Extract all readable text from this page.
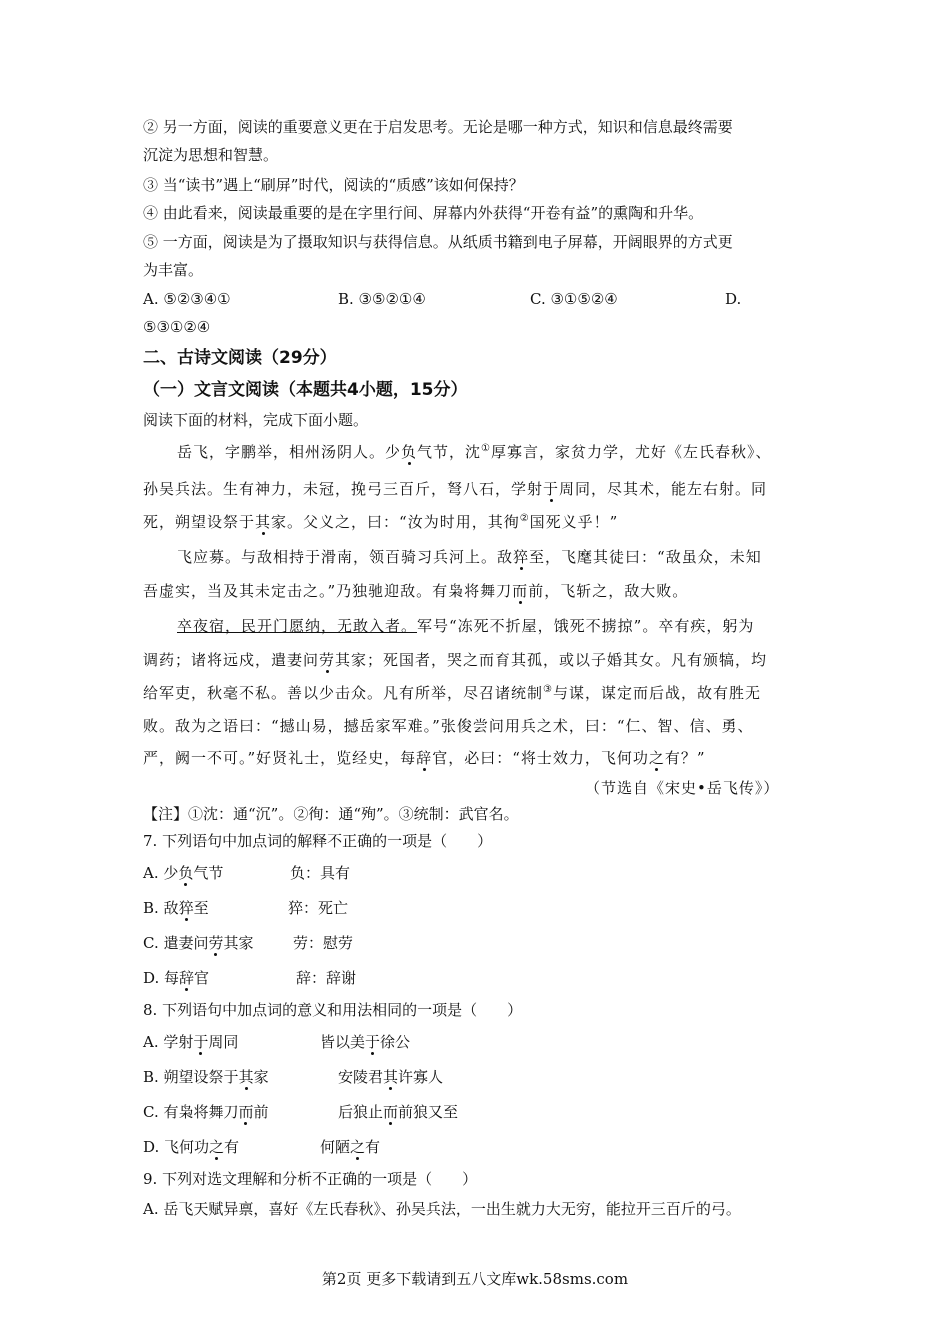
② 另一方面，阅读的重要意义更在于启发思考。无论是哪一种方式，知识和信息最终需要
沉淀为思想和智慧。
③ 当“读书”遇上“刷屏”时代，阅读的“质感”该如何保持？
④ 由此看来，阅读最重要的是在字里行间、屏幕内外获得“开卷有益”的熏陶和升华。
⑤ 一方面，阅读是为了摄取知识与获得信息。从纸质书籍到电子屏幕，开阔眼界的方式更
为丰富。
A. ⑤②③④①	B. ③⑤②①④	C. ③①⑤②④	D.
⑤③①②④
二、古诗文阅读（29分）
（一）文言文阅读（本题共4小题，15分）
阅读下面的材料，完成下面小题。
岳飞，字鹏举，相州汤阴人。少负气节，沈①厚寡言，家贫力学，尤好《左氏春秋》、
孙吴兵法。生有神力，未冠，挽弓三百斤，弩八石，学射于周同，尽其术，能左右射。同
死，朔望设祭于其家。父义之，曰：“汝为时用，其徇②国死义乎！”
飞应募。与敌相持于滑南，领百骑习兵河上。敌猝至，飞麾其徒曰：“敌虽众，未知
吾虚实，当及其未定击之。”乃独驰迎敌。有枭将舞刀而前，飞斩之，敌大败。
卒夜宿，民开门愿纳，无敢入者。军号“冻死不折屋，饿死不掳掠”。卒有疾，躬为
调药；诸将远戍，遣妻问劳其家；死国者，哭之而育其孤，或以子婚其女。凡有颁犒，均
给军吏，秋毫不私。善以少击众。凡有所举，尽召诸统制③与谋，谋定而后战，故有胜无
败。敌为之语曰：“撼山易，撼岳家军难。”张俊尝问用兵之术，曰：“仁、智、信、勇、
严，阙一不可。”好贤礼士，览经史，每辞官，必曰：“将士效力，飞何功之有？”
（节选自《宋史•岳飞传》）
【注】①沈：通“沉”。②徇：通“殉”。③统制：武官名。
7. 下列语句中加点词的解释不正确的一项是（　　）
A. 少负气节	负：具有
B. 敌猝至	猝：死亡
C. 遣妻问劳其家	劳：慰劳
D. 每辞官	辞：辞谢
8. 下列语句中加点词的意义和用法相同的一项是（　　）
A. 学射于周同	皆以美于徐公
B. 朔望设祭于其家	安陵君其许寡人
C. 有枭将舞刀而前	后狼止而前狼又至
D. 飞何功之有	何陋之有
9. 下列对选文理解和分析不正确的一项是（　　）
A. 岳飞天赋异禀，喜好《左氏春秋》、孙吴兵法，一出生就力大无穷，能拉开三百斤的弓。
第2页 更多下载请到五八文库wk.58sms.com
